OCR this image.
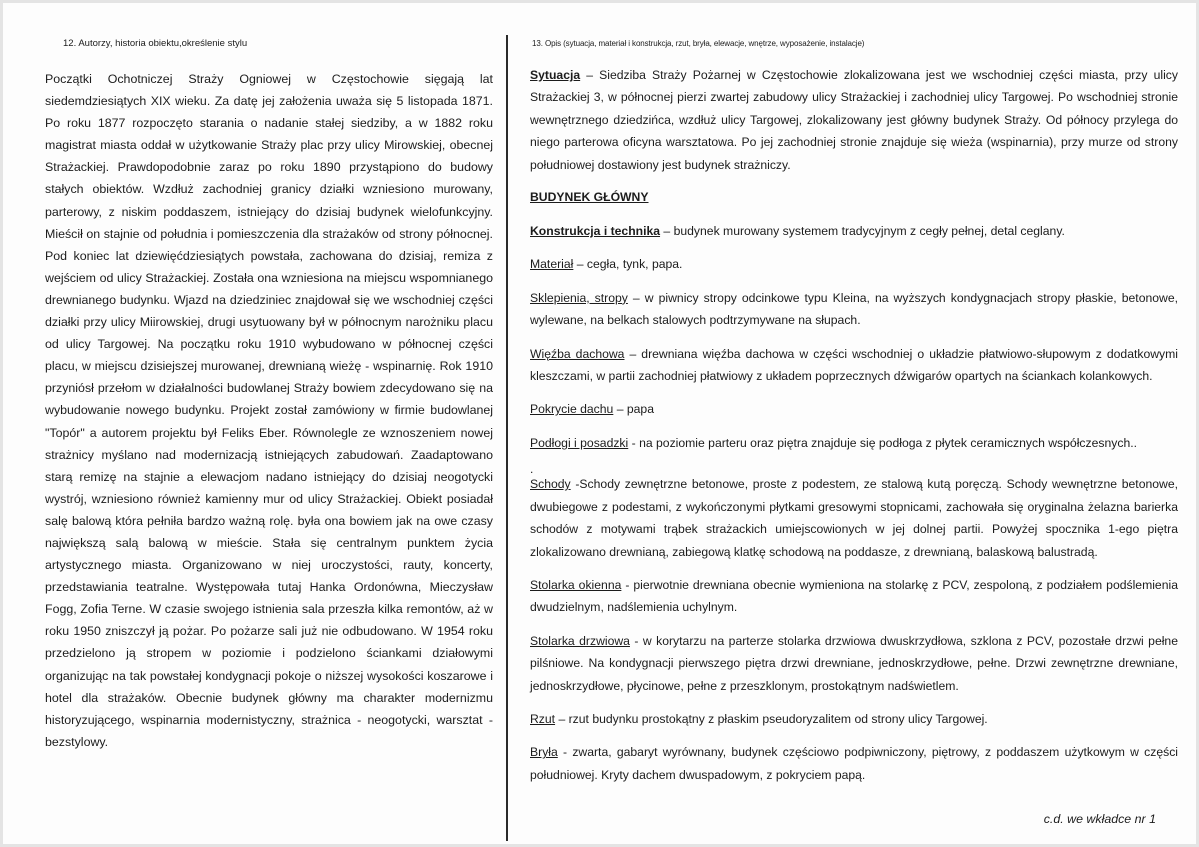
12. Autorzy, historia obiektu,określenie stylu
Początki Ochotniczej Straży Ogniowej w Częstochowie sięgają lat siedemdziesiątych XIX wieku. Za datę jej założenia uważa się 5 listopada 1871. Po roku 1877 rozpoczęto starania o nadanie stałej siedziby, a w 1882 roku magistrat miasta oddał w użytkowanie Straży plac przy ulicy Mirowskiej, obecnej Strażackiej. Prawdopodobnie zaraz po roku 1890 przystąpiono do budowy stałych obiektów. Wzdłuż zachodniej granicy działki wzniesiono murowany, parterowy, z niskim poddaszem, istniejący do dzisiaj budynek wielofunkcyjny. Mieścił on stajnie od południa i pomieszczenia dla strażaków od strony północnej. Pod koniec lat dziewięćdziesiątych powstała, zachowana do dzisiaj, remiza z wejściem od ulicy Strażackiej. Została ona wzniesiona na miejscu wspomnianego drewnianego budynku. Wjazd na dziedziniec znajdował się we wschodniej części działki przy ulicy Miirowskiej, drugi usytuowany był w północnym narożniku placu od ulicy Targowej. Na początku roku 1910 wybudowano w północnej części placu, w miejscu dzisiejszej murowanej, drewnianą wieżę - wspinarnię. Rok 1910 przyniósł przełom w działalności budowlanej Straży bowiem zdecydowano się na wybudowanie nowego budynku. Projekt został zamówiony w firmie budowlanej "Topór" a autorem projektu był Feliks Eber. Równolegle ze wznoszeniem nowej strażnicy myślano nad modernizacją istniejących zabudowań. Zaadaptowano starą remizę na stajnie a elewacjom nadano istniejący do dzisiaj neogotycki wystrój, wzniesiono również kamienny mur od ulicy Strażackiej. Obiekt posiadał salę balową która pełniła bardzo ważną rolę. była ona bowiem jak na owe czasy największą salą balową w mieście. Stała się centralnym punktem życia artystycznego miasta. Organizowano w niej uroczystości, rauty, koncerty, przedstawiania teatralne. Występowała tutaj Hanka Ordonówna, Mieczysław Fogg, Zofia Terne. W czasie swojego istnienia sala przeszła kilka remontów, aż w roku 1950 zniszczył ją pożar. Po pożarze sali już nie odbudowano. W 1954 roku przedzielono ją stropem w poziomie i podzielono ściankami działowymi organizując na tak powstałej kondygnacji pokoje o niższej wysokości koszarowe i hotel dla strażaków. Obecnie budynek główny ma charakter modernizmu historyzującego, wspinarnia modernistyczny, strażnica - neogotycki, warsztat - bezstylowy.
13. Opis (sytuacja, materiał i konstrukcja, rzut, bryła, elewacje, wnętrze, wyposażenie, instalacje)
Sytuacja – Siedziba Straży Pożarnej w Częstochowie zlokalizowana jest we wschodniej części miasta, przy ulicy Strażackiej 3, w północnej pierzi zwartej zabudowy ulicy Strażackiej i zachodniej ulicy Targowej. Po wschodniej stronie wewnętrznego dziedzińca, wzdłuż ulicy Targowej, zlokalizowany jest główny budynek Straży. Od północy przylega do niego parterowa oficyna warsztatowa. Po jej zachodniej stronie znajduje się wieża (wspinarnia), przy murze od strony południowej dostawiony jest budynek strażniczy.
BUDYNEK GŁÓWNY
Konstrukcja i technika – budynek murowany systemem tradycyjnym z cegły pełnej, detal ceglany.
Materiał – cegła, tynk, papa.
Sklepienia, stropy – w piwnicy stropy odcinkowe typu Kleina, na wyższych kondygnacjach stropy płaskie, betonowe, wylewane, na belkach stalowych podtrzymywane na słupach.
Więźba dachowa – drewniana więźba dachowa w części wschodniej o układzie płatwiowo-słupowym z dodatkowymi kleszczami, w partii zachodniej płatwiowy z układem poprzecznych dźwigarów opartych na ściankach kolankowych.
Pokrycie dachu – papa
Podłogi i posadzki - na poziomie parteru oraz piętra znajduje się podłoga z płytek ceramicznych współczesnych..
.
Schody -Schody zewnętrzne betonowe, proste z podestem, ze stalową kutą poręczą. Schody wewnętrzne betonowe, dwubiegowe z podestami, z wykończonymi płytkami gresowymi stopnicami, zachowała się oryginalna żelazna barierka schodów z motywami trąbek strażackich umiejscowionych w jej dolnej partii. Powyżej spocznika 1-ego piętra zlokalizowano drewnianą, zabiegową klatkę schodową na poddasze, z drewnianą, balaskową balustradą.
Stolarka okienna - pierwotnie drewniana obecnie wymieniona na stolarkę z PCV, zespoloną, z podziałem podślemienia dwudzielnym, nadślemienia uchylnym.
Stolarka drzwiowa - w korytarzu na parterze stolarka drzwiowa dwuskrzydłowa, szklona z PCV, pozostałe drzwi pełne pilśniowe. Na kondygnacji pierwszego piętra drzwi drewniane, jednoskrzydłowe, pełne. Drzwi zewnętrzne drewniane, jednoskrzydłowe, płycinowe, pełne z przeszklonym, prostokątnym nadświetlem.
Rzut – rzut budynku prostokątny z płaskim pseudoryzalitem od strony ulicy Targowej.
Bryła - zwarta, gabaryt wyrównany, budynek częściowo podpiwniczony, piętrowy, z poddaszem użytkowym w części południowej. Kryty dachem dwuspadowym, z pokryciem papą.
c.d. we wkładce nr 1
